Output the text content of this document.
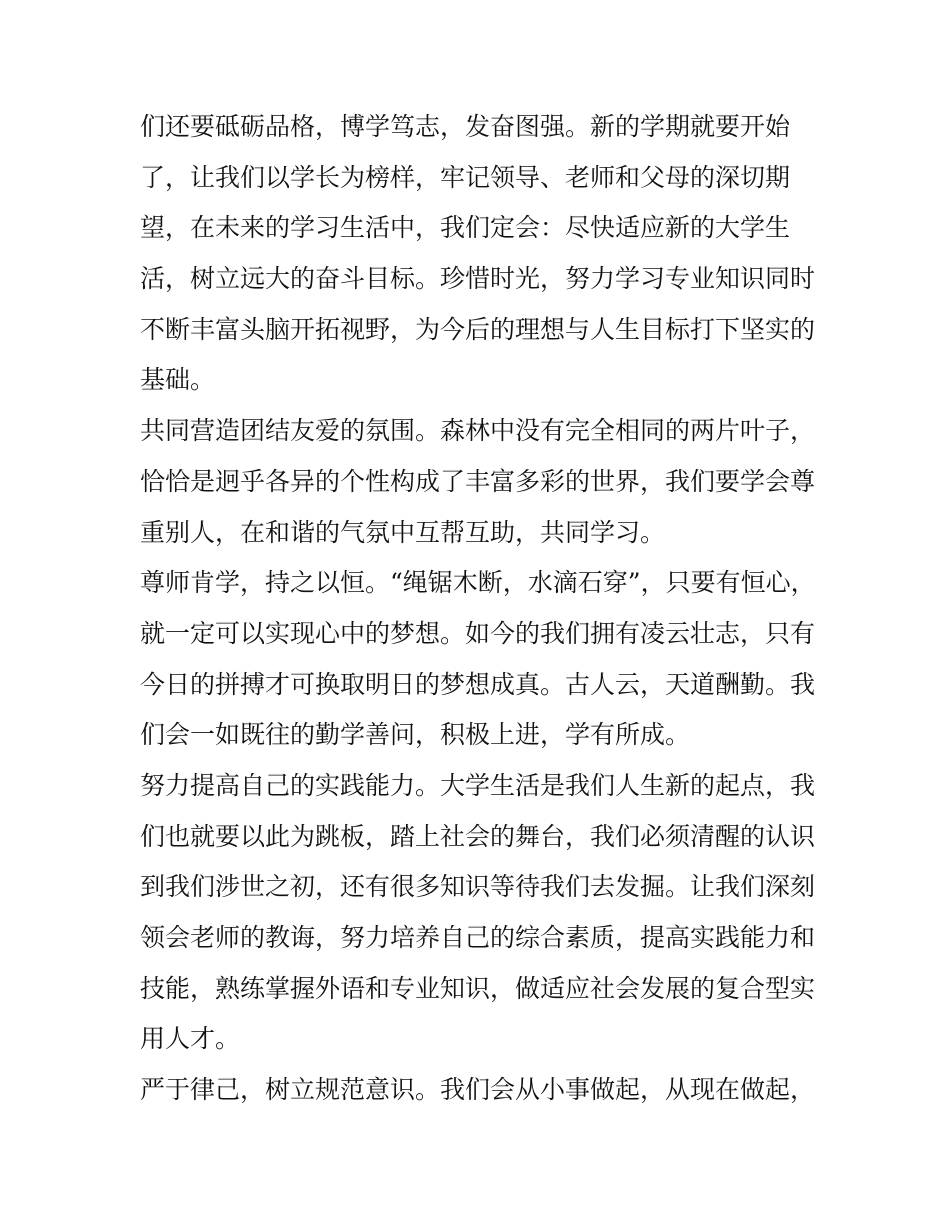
们还要砥砺品格，博学笃志，发奋图强。新的学期就要开始
了，让我们以学长为榜样，牢记领导、老师和父母的深切期
望，在未来的学习生活中，我们定会：尽快适应新的大学生
活，树立远大的奋斗目标。珍惜时光，努力学习专业知识同时
不断丰富头脑开拓视野，为今后的理想与人生目标打下坚实的
基础。
共同营造团结友爱的氛围。森林中没有完全相同的两片叶子，
恰恰是迥乎各异的个性构成了丰富多彩的世界，我们要学会尊
重别人，在和谐的气氛中互帮互助，共同学习。
尊师肯学，持之以恒。“绳锯木断，水滴石穿”，只要有恒心，
就一定可以实现心中的梦想。如今的我们拥有凌云壮志，只有
今日的拼搏才可换取明日的梦想成真。古人云，天道酬勤。我
们会一如既往的勤学善问，积极上进，学有所成。
努力提高自己的实践能力。大学生活是我们人生新的起点，我
们也就要以此为跳板，踏上社会的舞台，我们必须清醒的认识
到我们涉世之初，还有很多知识等待我们去发掘。让我们深刻
领会老师的教诲，努力培养自己的综合素质，提高实践能力和
技能，熟练掌握外语和专业知识，做适应社会发展的复合型实
用人才。
严于律己，树立规范意识。我们会从小事做起，从现在做起，
